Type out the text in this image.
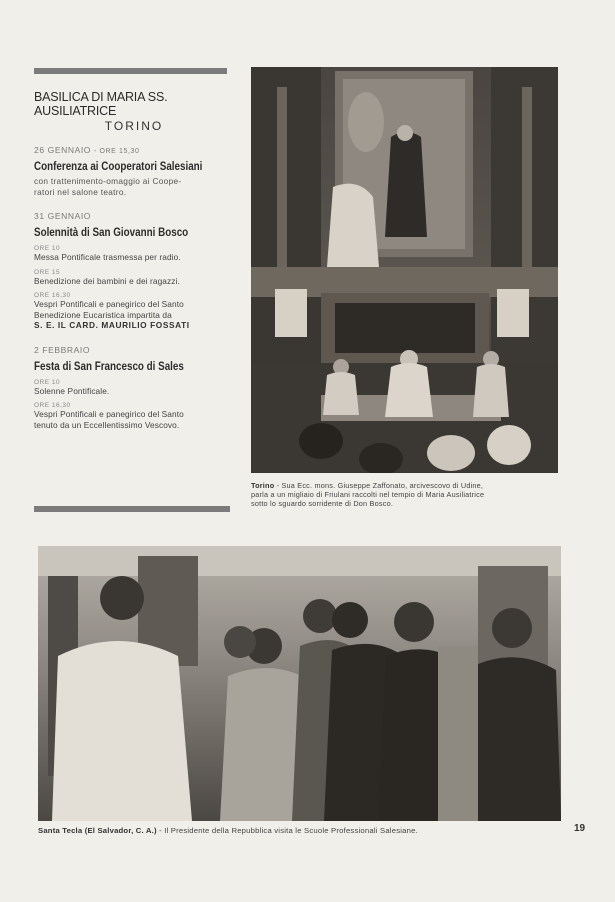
BASILICA DI MARIA SS. AUSILIATRICE
TORINO
26 GENNAIO - ORE 15,30
Conferenza ai Cooperatori Salesiani
con trattenimento-omaggio ai Coope-
ratori nel salone teatro.
31 GENNAIO
Solennità di San Giovanni Bosco
ORE 10
Messa Pontificale trasmessa per radio.
ORE 15
Benedizione dei bambini e dei ragazzi.
ORE 16,30
Vespri Pontificali e panegirico del Santo
Benedizione Eucaristica impartita da
S. E. IL CARD. MAURILIO FOSSATI
2 FEBBRAIO
Festa di San Francesco di Sales
ORE 10
Solenne Pontificale.
ORE 16,30
Vespri Pontificali e panegirico del Santo
tenuto da un Eccellentissimo Vescovo.
Torino - Sua Ecc. mons. Giuseppe Zaffonato, arcivescovo di Udine,
parla a un migliaio di Friulani raccolti nel tempio di Maria Ausiliatrice
sotto lo sguardo sorridente di Don Bosco.
Santa Tecla (El Salvador, C. A.) - Il Presidente della Repubblica visita le Scuole Professionali Salesiane.	19
